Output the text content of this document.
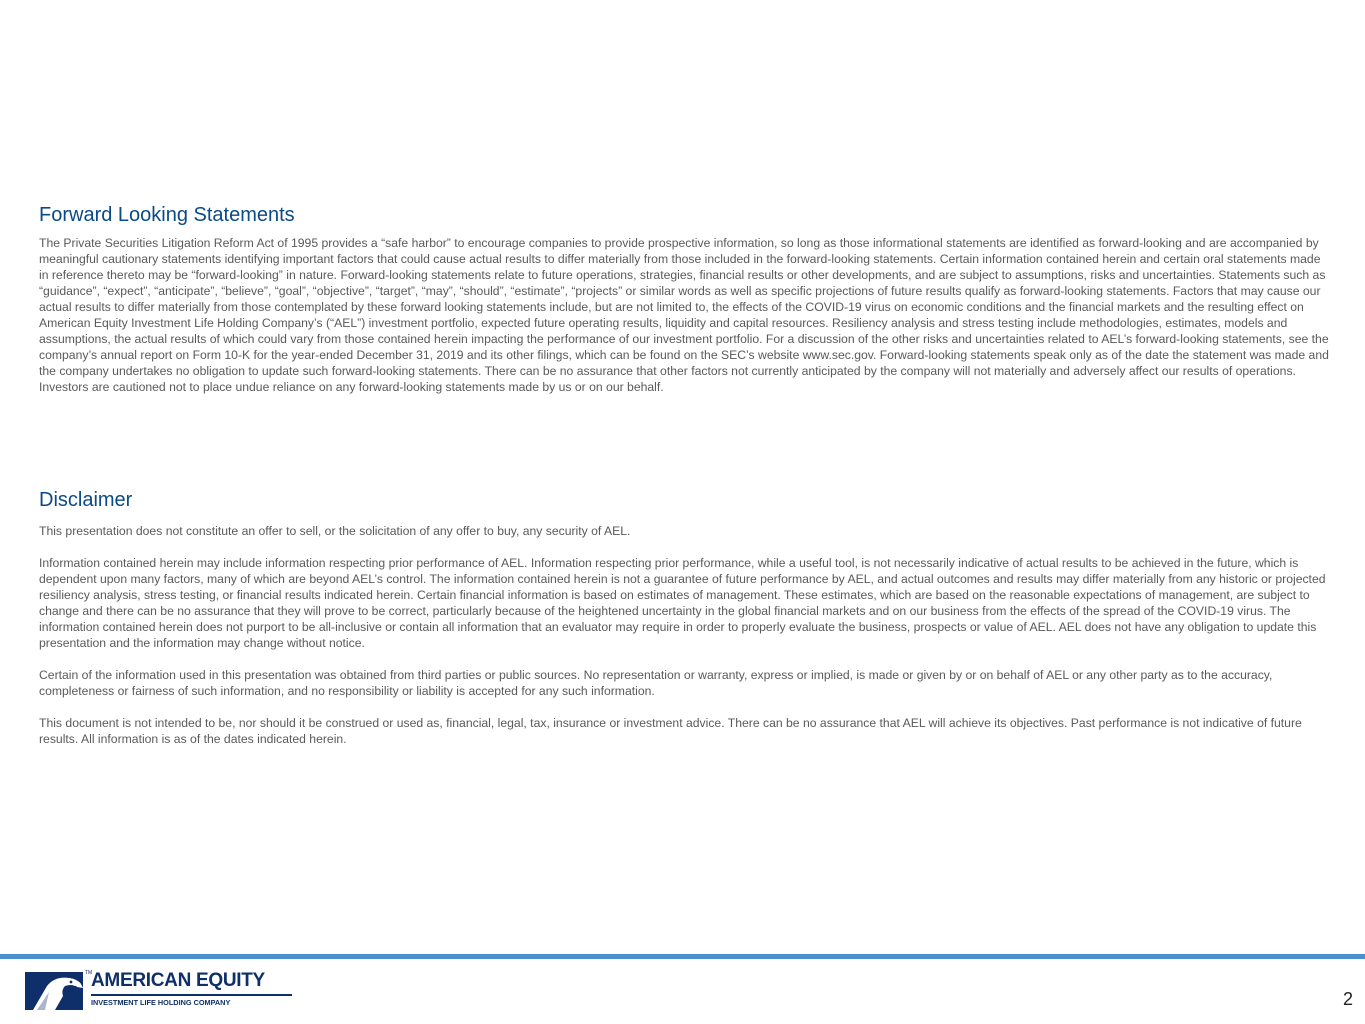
Forward Looking Statements

The Private Securities Litigation Reform Act of 1995 provides a “safe harbor” to encourage companies to provide prospective information, so long as those informational statements are identified as forward-looking and are accompanied by meaningful cautionary statements identifying important factors that could cause actual results to differ materially from those included in the forward-looking statements. Certain information contained herein and certain oral statements made in reference thereto may be “forward-looking” in nature. Forward-looking statements relate to future operations, strategies, financial results or other developments, and are subject to assumptions, risks and uncertainties. Statements such as “guidance”, “expect”, “anticipate”, “believe”, “goal”, “objective”, “target”, “may”, “should”, “estimate”, “projects” or similar words as well as specific projections of future results qualify as forward-looking statements. Factors that may cause our actual results to differ materially from those contemplated by these forward looking statements include, but are not limited to, the effects of the COVID-19 virus on economic conditions and the financial markets and the resulting effect on American Equity Investment Life Holding Company’s (“AEL”) investment portfolio, expected future operating results, liquidity and capital resources. Resiliency analysis and stress testing include methodologies, estimates, models and assumptions, the actual results of which could vary from those contained herein impacting the performance of our investment portfolio. For a discussion of the other risks and uncertainties related to AEL’s forward-looking statements, see the company’s annual report on Form 10-K for the year-ended December 31, 2019 and its other filings, which can be found on the SEC’s website www.sec.gov. Forward-looking statements speak only as of the date the statement was made and the company undertakes no obligation to update such forward-looking statements. There can be no assurance that other factors not currently anticipated by the company will not materially and adversely affect our results of operations. Investors are cautioned not to place undue reliance on any forward-looking statements made by us or on our behalf.

Disclaimer

This presentation does not constitute an offer to sell, or the solicitation of any offer to buy, any security of AEL.

Information contained herein may include information respecting prior performance of AEL. Information respecting prior performance, while a useful tool, is not necessarily indicative of actual results to be achieved in the future, which is dependent upon many factors, many of which are beyond AEL’s control. The information contained herein is not a guarantee of future performance by AEL, and actual outcomes and results may differ materially from any historic or projected resiliency analysis, stress testing, or financial results indicated herein. Certain financial information is based on estimates of management. These estimates, which are based on the reasonable expectations of management, are subject to change and there can be no assurance that they will prove to be correct, particularly because of the heightened uncertainty in the global financial markets and on our business from the effects of the spread of the COVID-19 virus. The information contained herein does not purport to be all-inclusive or contain all information that an evaluator may require in order to properly evaluate the business, prospects or value of AEL. AEL does not have any obligation to update this presentation and the information may change without notice.

Certain of the information used in this presentation was obtained from third parties or public sources. No representation or warranty, express or implied, is made or given by or on behalf of AEL or any other party as to the accuracy, completeness or fairness of such information, and no responsibility or liability is accepted for any such information.

This document is not intended to be, nor should it be construed or used as, financial, legal, tax, insurance or investment advice. There can be no assurance that AEL will achieve its objectives. Past performance is not indicative of future results. All information is as of the dates indicated herein.

TM
AMERICAN EQUITY
INVESTMENT LIFE HOLDING COMPANY	2
